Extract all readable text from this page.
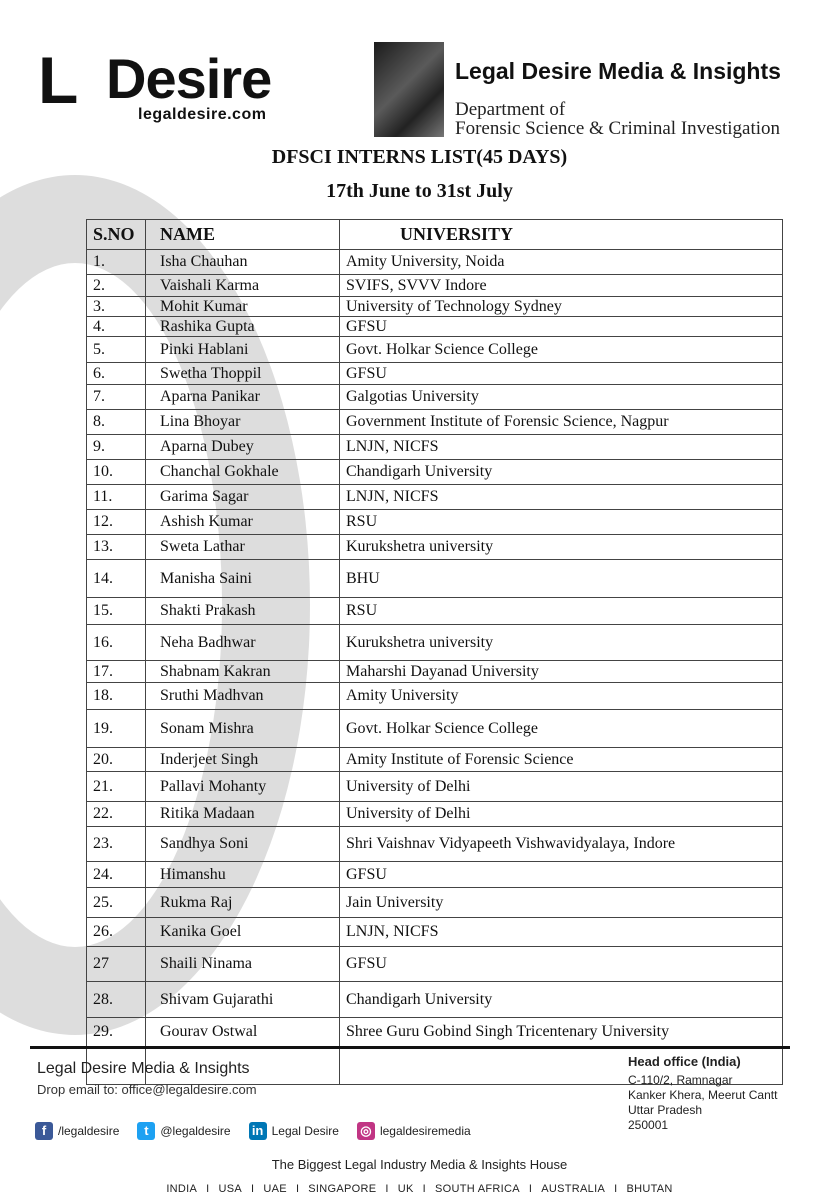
L Desire
legaldesire.com
Legal Desire Media & Insights
Department of
Forensic Science & Criminal Investigation
DFSCI INTERNS LIST(45 DAYS)
17th June to 31st July
S.NO	NAME	UNIVERSITY
1.	Isha Chauhan	Amity University, Noida
2.	Vaishali Karma	SVIFS, SVVV Indore
3.	Mohit Kumar	University of Technology Sydney
4.	Rashika Gupta	GFSU
5.	Pinki Hablani	Govt. Holkar Science College
6.	Swetha Thoppil	GFSU
7.	Aparna Panikar	Galgotias University
8.	Lina Bhoyar	Government Institute of Forensic Science, Nagpur
9.	Aparna Dubey	LNJN, NICFS
10.	Chanchal Gokhale	Chandigarh University
11.	Garima Sagar	LNJN, NICFS
12.	Ashish Kumar	RSU
13.	Sweta Lathar	Kurukshetra university
14.	Manisha Saini	BHU
15.	Shakti Prakash	RSU
16.	Neha Badhwar	Kurukshetra university
17.	Shabnam Kakran	Maharshi Dayanad University
18.	Sruthi Madhvan	Amity University
19.	Sonam Mishra	Govt. Holkar Science College
20.	Inderjeet Singh	Amity Institute of Forensic Science
21.	Pallavi Mohanty	University of Delhi
22.	Ritika Madaan	University of Delhi
23.	Sandhya Soni	Shri Vaishnav Vidyapeeth Vishwavidyalaya, Indore
24.	Himanshu	GFSU
25.	Rukma Raj	Jain University
26.	Kanika Goel	LNJN, NICFS
27	Shaili Ninama	GFSU
28.	Shivam Gujarathi	Chandigarh University
29.	Gourav Ostwal	Shree Guru Gobind Singh Tricentenary University

Legal Desire Media & Insights
Drop email to: office@legaldesire.com
Head office (India)
C-110/2, Ramnagar
Kanker Khera, Meerut Cantt
Uttar Pradesh
250001
f /legaldesire	t @legaldesire in Legal Desire ◎ legaldesiremedia
The Biggest Legal Industry Media & Insights House
INDIA I USA I UAE I SINGAPORE I UK I SOUTH AFRICA I AUSTRALIA I BHUTAN
